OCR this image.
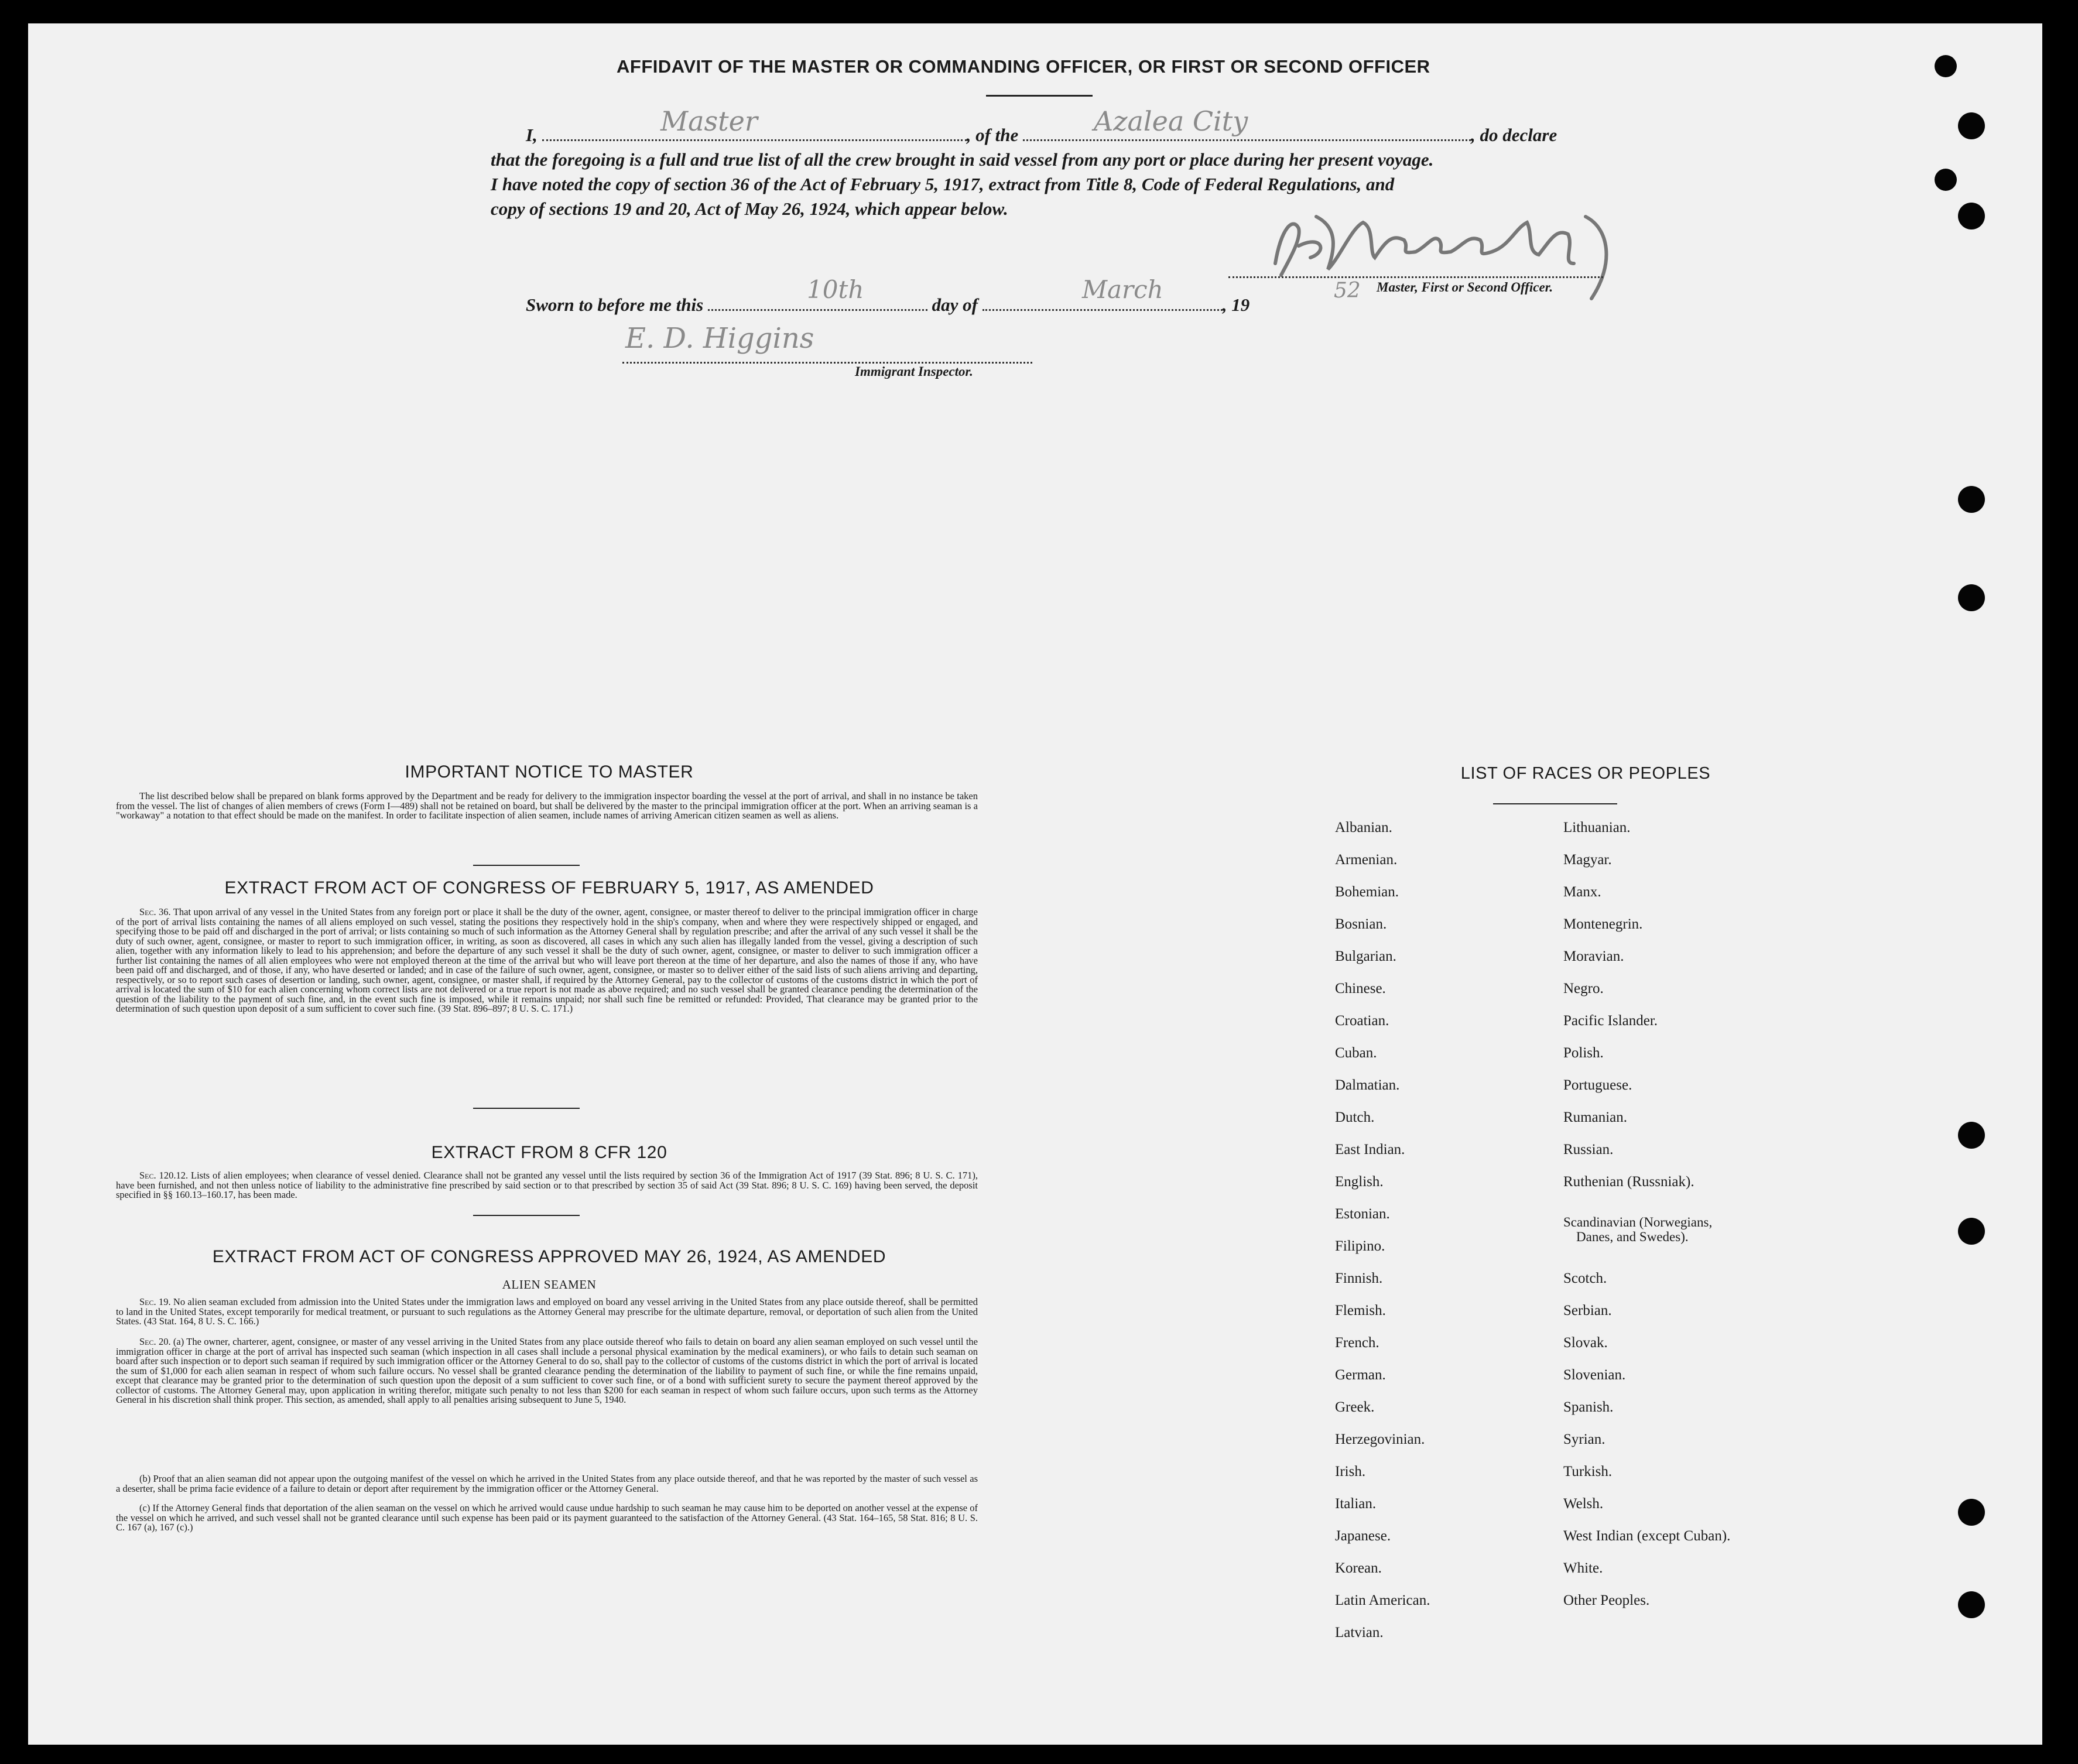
AFFIDAVIT OF THE MASTER OR COMMANDING OFFICER, OR FIRST OR SECOND OFFICER
I,	, of the	, do declare
Master	Azalea City
that the foregoing is a full and true list of all the crew brought in said vessel from any port or place during her present voyage.
I have noted the copy of section 36 of the Act of February 5, 1917, extract from Title 8, Code of Federal Regulations, and
copy of sections 19 and 20, Act of May 26, 1924, which appear below.
Master, First or Second Officer.
Sworn to before me this	day of	, 19
10th	March	52
E. D. Higgins
Immigrant Inspector.
IMPORTANT NOTICE TO MASTER
The list described below shall be prepared on blank forms approved by the Department and be ready for delivery to the immigration inspector boarding the vessel at the port of arrival, and shall in no instance be taken from the vessel. The list of changes of alien members of crews (Form I—489) shall not be retained on board, but shall be delivered by the master to the principal immigration officer at the port. When an arriving seaman is a "workaway" a notation to that effect should be made on the manifest. In order to facilitate inspection of alien seamen, include names of arriving American citizen seamen as well as aliens.
EXTRACT FROM ACT OF CONGRESS OF FEBRUARY 5, 1917, AS AMENDED
Sec. 36. That upon arrival of any vessel in the United States from any foreign port or place it shall be the duty of the owner, agent, consignee, or master thereof to deliver to the principal immigration officer in charge of the port of arrival lists containing the names of all aliens employed on such vessel, stating the positions they respectively hold in the ship's company, when and where they were respectively shipped or engaged, and specifying those to be paid off and discharged in the port of arrival; or lists containing so much of such information as the Attorney General shall by regulation prescribe; and after the arrival of any such vessel it shall be the duty of such owner, agent, consignee, or master to report to such immigration officer, in writing, as soon as discovered, all cases in which any such alien has illegally landed from the vessel, giving a description of such alien, together with any information likely to lead to his apprehension; and before the departure of any such vessel it shall be the duty of such owner, agent, consignee, or master to deliver to such immigration officer a further list containing the names of all alien employees who were not employed thereon at the time of the arrival but who will leave port thereon at the time of her departure, and also the names of those if any, who have been paid off and discharged, and of those, if any, who have deserted or landed; and in case of the failure of such owner, agent, consignee, or master so to deliver either of the said lists of such aliens arriving and departing, respectively, or so to report such cases of desertion or landing, such owner, agent, consignee, or master shall, if required by the Attorney General, pay to the collector of customs of the customs district in which the port of arrival is located the sum of $10 for each alien concerning whom correct lists are not delivered or a true report is not made as above required; and no such vessel shall be granted clearance pending the determination of the question of the liability to the payment of such fine, and, in the event such fine is imposed, while it remains unpaid; nor shall such fine be remitted or refunded: Provided, That clearance may be granted prior to the determination of such question upon deposit of a sum sufficient to cover such fine. (39 Stat. 896–897; 8 U. S. C. 171.)
EXTRACT FROM 8 CFR 120
Sec. 120.12. Lists of alien employees; when clearance of vessel denied. Clearance shall not be granted any vessel until the lists required by section 36 of the Immigration Act of 1917 (39 Stat. 896; 8 U. S. C. 171), have been furnished, and not then unless notice of liability to the administrative fine prescribed by said section or to that prescribed by section 35 of said Act (39 Stat. 896; 8 U. S. C. 169) having been served, the deposit specified in §§ 160.13–160.17, has been made.
EXTRACT FROM ACT OF CONGRESS APPROVED MAY 26, 1924, AS AMENDED
ALIEN SEAMEN
Sec. 19. No alien seaman excluded from admission into the United States under the immigration laws and employed on board any vessel arriving in the United States from any place outside thereof, shall be permitted to land in the United States, except temporarily for medical treatment, or pursuant to such regulations as the Attorney General may prescribe for the ultimate departure, removal, or deportation of such alien from the United States. (43 Stat. 164, 8 U. S. C. 166.)
Sec. 20. (a) The owner, charterer, agent, consignee, or master of any vessel arriving in the United States from any place outside thereof who fails to detain on board any alien seaman employed on such vessel until the immigration officer in charge at the port of arrival has inspected such seaman (which inspection in all cases shall include a personal physical examination by the medical examiners), or who fails to detain such seaman on board after such inspection or to deport such seaman if required by such immigration officer or the Attorney General to do so, shall pay to the collector of customs of the customs district in which the port of arrival is located the sum of $1,000 for each alien seaman in respect of whom such failure occurs. No vessel shall be granted clearance pending the determination of the liability to payment of such fine, or while the fine remains unpaid, except that clearance may be granted prior to the determination of such question upon the deposit of a sum sufficient to cover such fine, or of a bond with sufficient surety to secure the payment thereof approved by the collector of customs. The Attorney General may, upon application in writing therefor, mitigate such penalty to not less than $200 for each seaman in respect of whom such failure occurs, upon such terms as the Attorney General in his discretion shall think proper. This section, as amended, shall apply to all penalties arising subsequent to June 5, 1940.
(b) Proof that an alien seaman did not appear upon the outgoing manifest of the vessel on which he arrived in the United States from any place outside thereof, and that he was reported by the master of such vessel as a deserter, shall be prima facie evidence of a failure to detain or deport after requirement by the immigration officer or the Attorney General.
(c) If the Attorney General finds that deportation of the alien seaman on the vessel on which he arrived would cause undue hardship to such seaman he may cause him to be deported on another vessel at the expense of the vessel on which he arrived, and such vessel shall not be granted clearance until such expense has been paid or its payment guaranteed to the satisfaction of the Attorney General. (43 Stat. 164–165, 58 Stat. 816; 8 U. S. C. 167 (a), 167 (c).)
LIST OF RACES OR PEOPLES
Albanian.
Armenian.
Bohemian.
Bosnian.
Bulgarian.
Chinese.
Croatian.
Cuban.
Dalmatian.
Dutch.
East Indian.
English.
Estonian.
Filipino.
Finnish.
Flemish.
French.
German.
Greek.
Herzegovinian.
Irish.
Italian.
Japanese.
Korean.
Latin American.
Latvian.
Lithuanian.
Magyar.
Manx.
Montenegrin.
Moravian.
Negro.
Pacific Islander.
Polish.
Portuguese.
Rumanian.
Russian.
Ruthenian (Russniak).
Scandinavian (Norwegians,
Danes, and Swedes).
Scotch.
Serbian.
Slovak.
Slovenian.
Spanish.
Syrian.
Turkish.
Welsh.
West Indian (except Cuban).
White.
Other Peoples.
